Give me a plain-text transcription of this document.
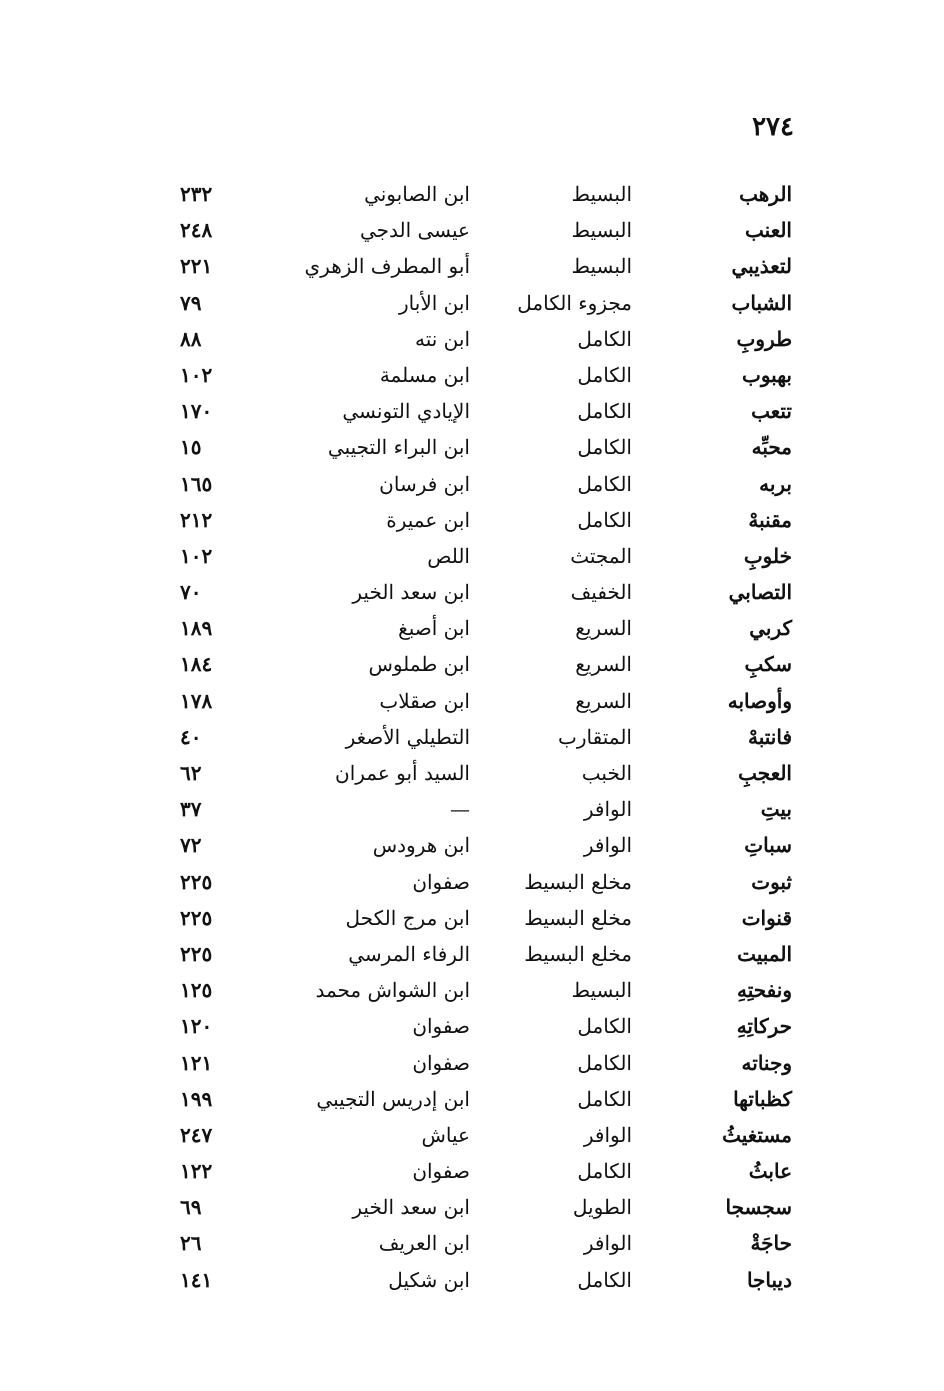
٢٧٤
الرهب
البسيط
ابن الصابوني
٢٣٢
العنب
البسيط
عيسى الدجي
٢٤٨
لتعذيبي
البسيط
أبو المطرف الزهري
٢٢١
الشباب
مجزوء الكامل
ابن الأبار
٧٩
طروبِ
الكامل
ابن نته
٨٨
بهبوب
الكامل
ابن مسلمة
١٠٢
تتعب
الكامل
الإيادي التونسي
١٧٠
محبِّه
الكامل
ابن البراء التجيبي
١٥
بربه
الكامل
ابن فرسان
١٦٥
مقنبهْ
الكامل
ابن عميرة
٢١٢
خلوبِ
المجتث
اللص
١٠٢
التصابي
الخفيف
ابن سعد الخير
٧٠
كربي
السريع
ابن أصبغ
١٨٩
سكبِ
السريع
ابن طملوس
١٨٤
وأوصابه
السريع
ابن صقلاب
١٧٨
فانتبهْ
المتقارب
التطيلي الأصغر
٤٠
العجبِ
الخبب
السيد أبو عمران
٦٢
بيتِ
الوافر
—
٣٧
سباتِ
الوافر
ابن هرودس
٧٢
ثبوت
مخلع البسيط
صفوان
٢٢٥
قنوات
مخلع البسيط
ابن مرج الكحل
٢٢٥
المبيت
مخلع البسيط
الرفاء المرسي
٢٢٥
ونفحتِهِ
البسيط
ابن الشواش محمد
١٢٥
حركاتِهِ
الكامل
صفوان
١٢٠
وجناته
الكامل
صفوان
١٢١
كظباتها
الكامل
ابن إدريس التجيبي
١٩٩
مستغيثُ
الوافر
عياش
٢٤٧
عابثُ
الكامل
صفوان
١٢٢
سجسجا
الطويل
ابن سعد الخير
٦٩
حاجَةْ
الوافر
ابن العريف
٢٦
ديباجا
الكامل
ابن شكيل
١٤١
